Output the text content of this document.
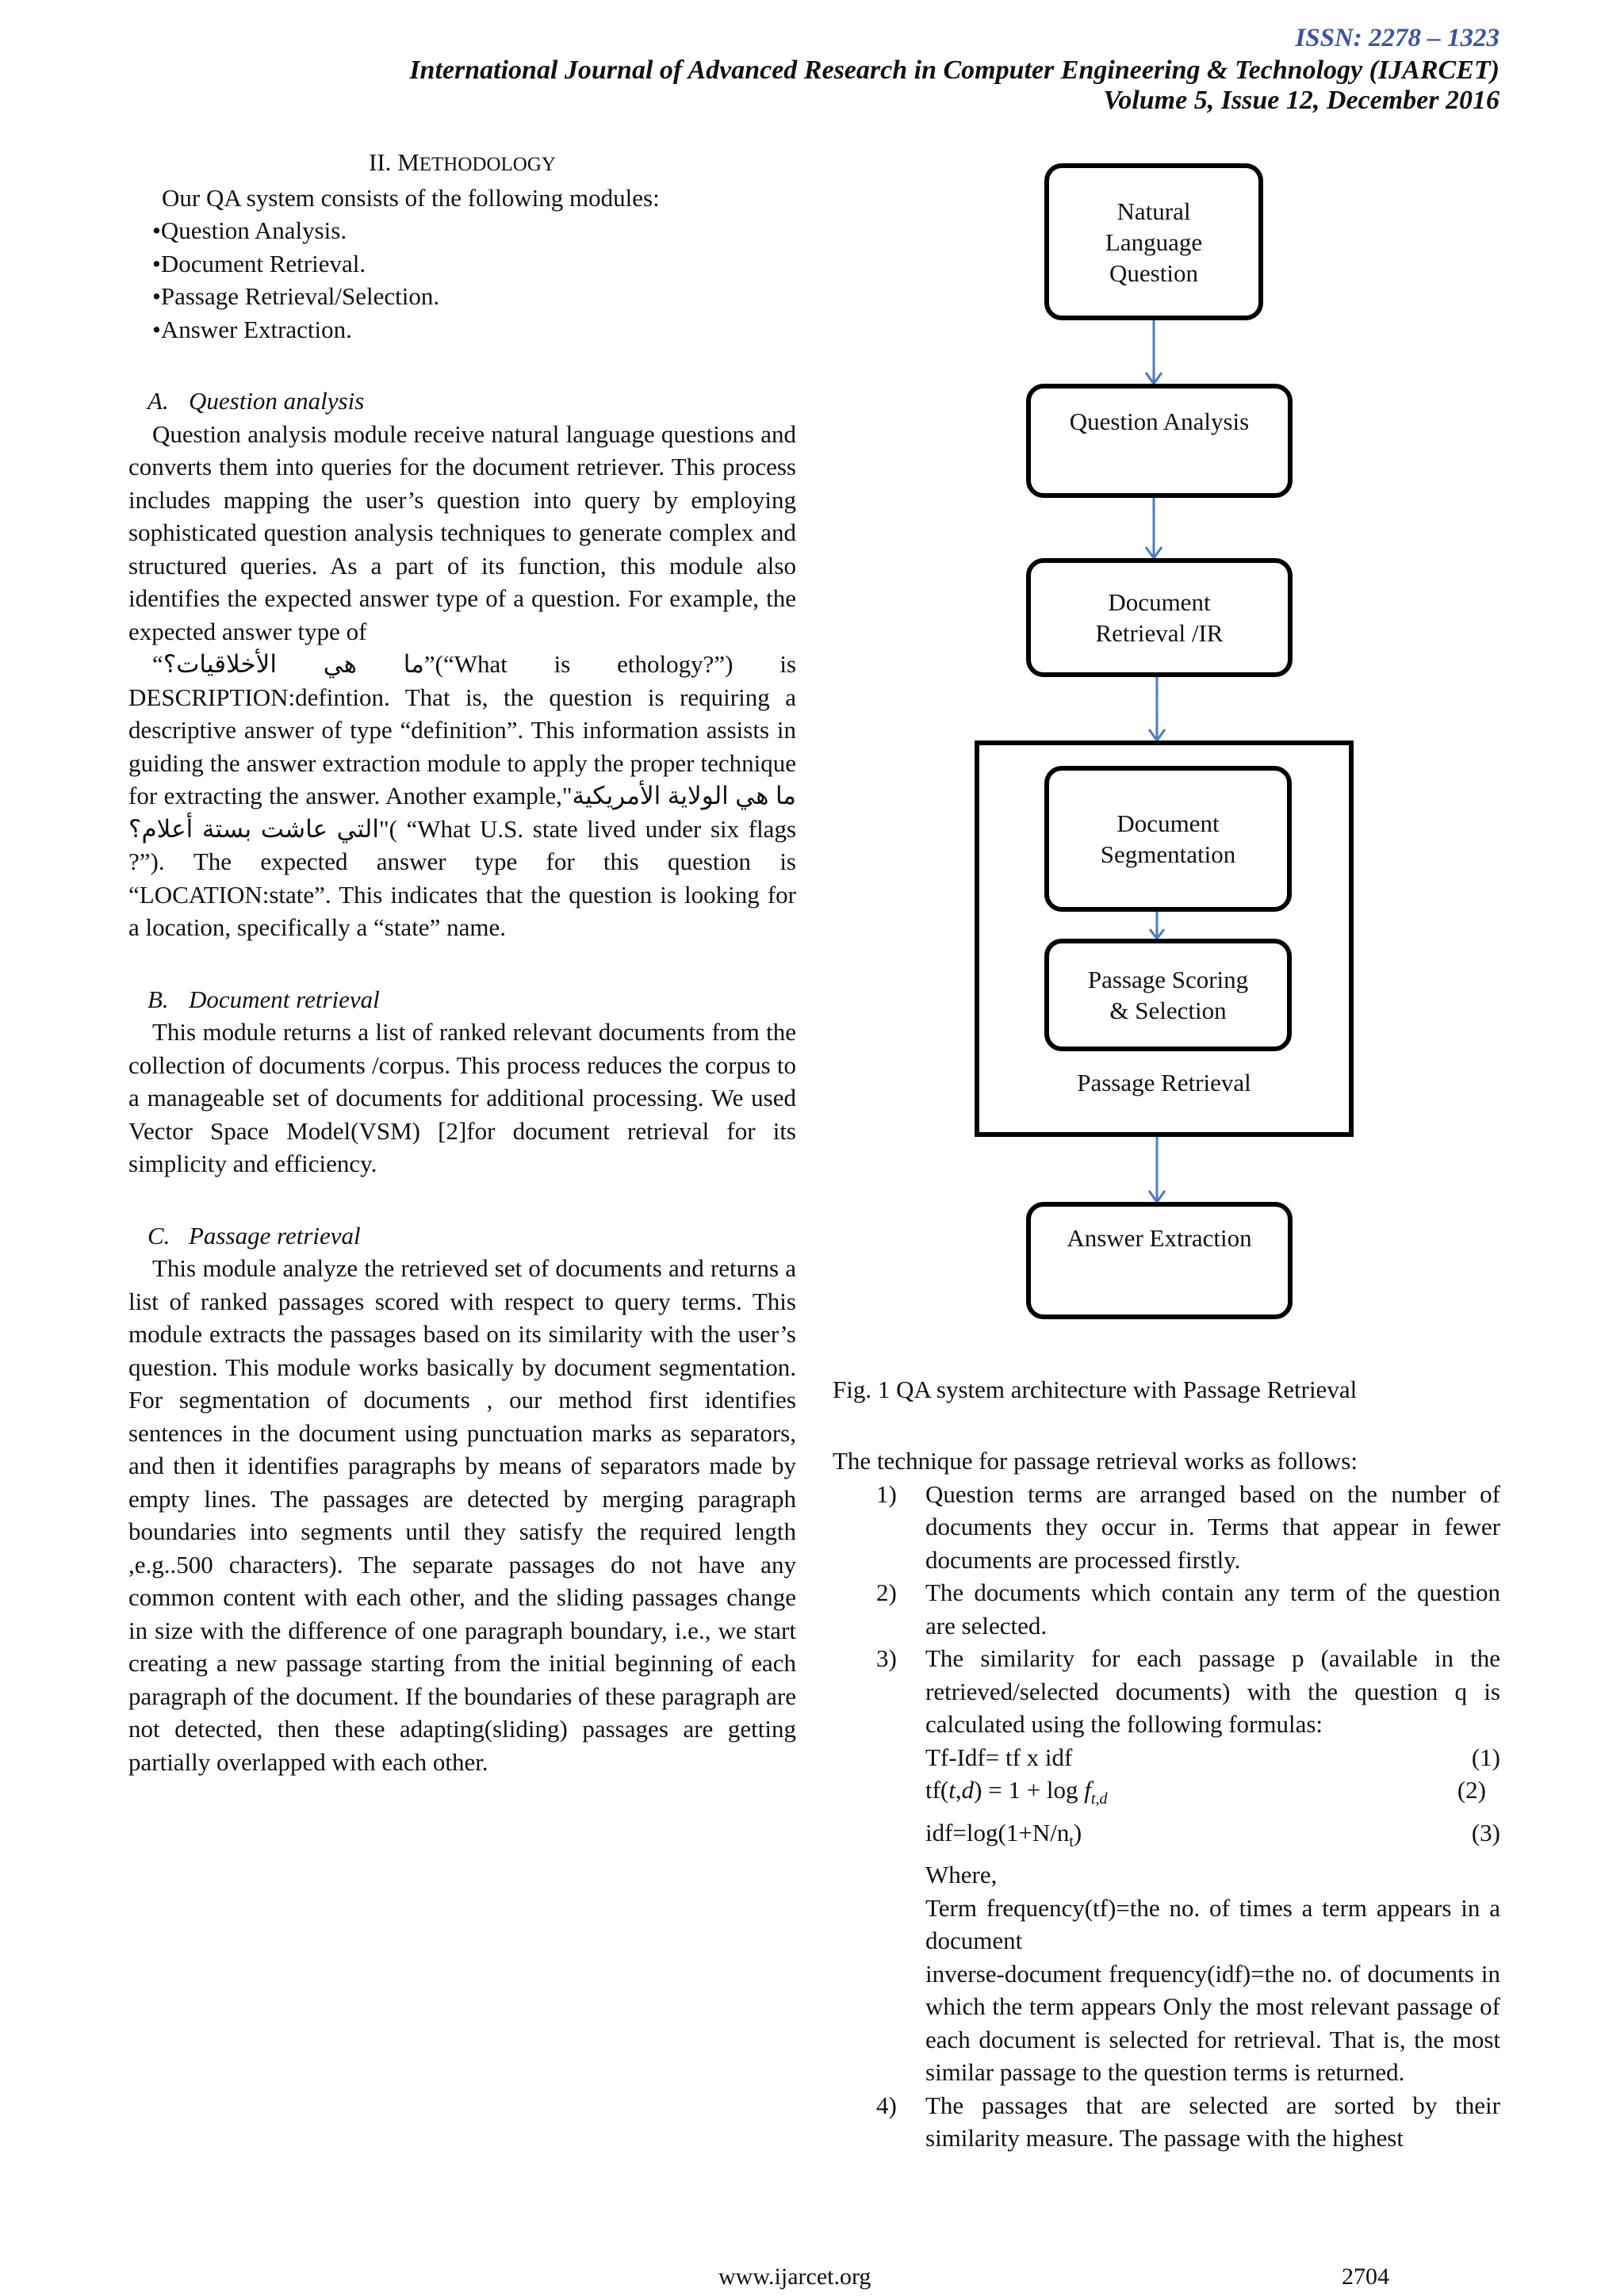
ISSN: 2278 – 1323
International Journal of Advanced Research in Computer Engineering & Technology (IJARCET)
Volume 5, Issue 12, December 2016
II. METHODOLOGY
Our QA system consists of the following modules:
• Question Analysis.
• Document Retrieval.
• Passage Retrieval/Selection.
• Answer Extraction.
A. Question analysis

Question analysis module receive natural language questions and converts them into queries for the document retriever. This process includes mapping the user’s question into query by employing sophisticated question analysis techniques to generate complex and structured queries. As a part of its function, this module also identifies the expected answer type of a question. For example, the expected answer type of

“ما هي الأخلاقيات؟”(“What is ethology?”) is DESCRIPTION:defintion. That is, the question is requiring a descriptive answer of type “definition”. This information assists in guiding the answer extraction module to apply the proper technique for extracting the answer. Another example,"ما هي الولاية الأمريكية التي عاشت بستة أعلام؟"( “What U.S. state lived under six flags ?”). The expected answer type for this question is “LOCATION:state”. This indicates that the question is looking for a location, specifically a “state” name.

B. Document retrieval

This module returns a list of ranked relevant documents from the collection of documents /corpus. This process reduces the corpus to a manageable set of documents for additional processing. We used Vector Space Model(VSM) [2]for document retrieval for its simplicity and efficiency.

C. Passage retrieval

This module analyze the retrieved set of documents and returns a list of ranked passages scored with respect to query terms. This module extracts the passages based on its similarity with the user’s question. This module works basically by document segmentation. For segmentation of documents , our method first identifies sentences in the document using punctuation marks as separators, and then it identifies paragraphs by means of separators made by empty lines. The passages are detected by merging paragraph boundaries into segments until they satisfy the required length ,e.g..500 characters). The separate passages do not have any common content with each other, and the sliding passages change in size with the difference of one paragraph boundary, i.e., we start creating a new passage starting from the initial beginning of each paragraph of the document. If the boundaries of these paragraph are not detected, then these adapting(sliding) passages are getting partially overlapped with each other.

Natural
Language
Question
Question Analysis
Document
Retrieval /IR
Document
Segmentation
Passage Scoring
& Selection
Passage Retrieval
Answer Extraction
Fig. 1 QA system architecture with Passage Retrieval
The technique for passage retrieval works as follows:
1)	Question terms are arranged based on the number of documents they occur in. Terms that appear in fewer documents are processed firstly.
2)	The documents which contain any term of the question are selected.
3)	The similarity for each passage p (available in the retrieved/selected documents) with the question q is calculated using the following formulas:
Tf-Idf= tf x idf	(1)
$tf(t,d) = 1 + \log f_{t,d}$	(2)
$idf=\log(1+N/n_t)$	(3)
Where,
Term frequency(tf)=the no. of times a term appears in a document
inverse-document frequency(idf)=the no. of documents in which the term appears Only the most relevant passage of each document is selected for retrieval. That is, the most similar passage to the question terms is returned.
4)	The passages that are selected are sorted by their similarity measure. The passage with the highest
www.ijarcet.org	2704
